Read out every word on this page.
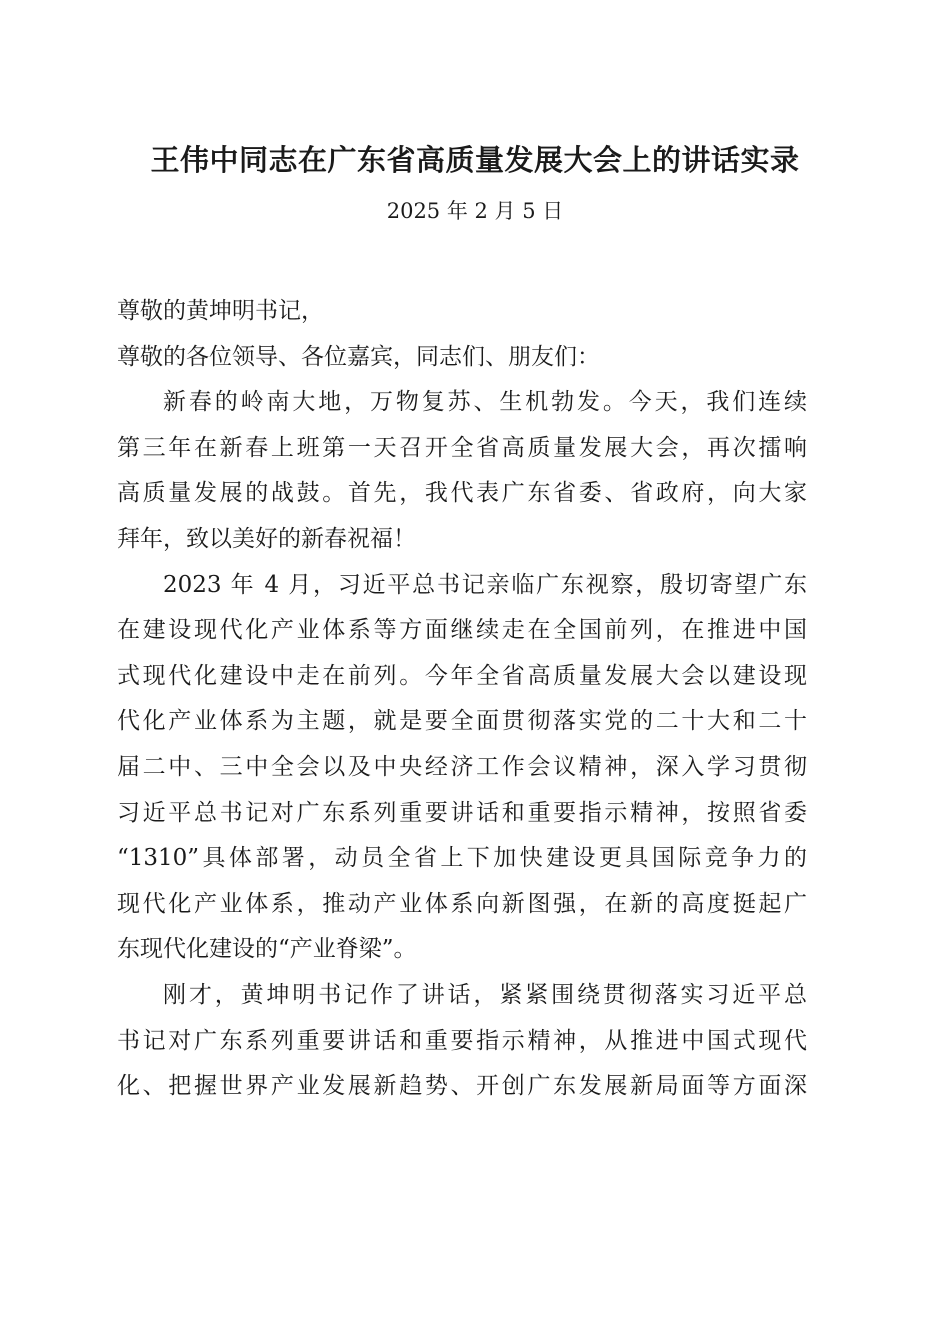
王伟中同志在广东省高质量发展大会上的讲话实录

2025 年 2 月 5 日

尊敬的黄坤明书记，
尊敬的各位领导、各位嘉宾，同志们、朋友们：
新春的岭南大地，万物复苏、生机勃发。今天，我们连续
第三年在新春上班第一天召开全省高质量发展大会，再次擂响
高质量发展的战鼓。首先，我代表广东省委、省政府，向大家
拜年，致以美好的新春祝福！
2023 年 4 月，习近平总书记亲临广东视察，殷切寄望广东
在建设现代化产业体系等方面继续走在全国前列，在推进中国
式现代化建设中走在前列。今年全省高质量发展大会以建设现
代化产业体系为主题，就是要全面贯彻落实党的二十大和二十
届二中、三中全会以及中央经济工作会议精神，深入学习贯彻
习近平总书记对广东系列重要讲话和重要指示精神，按照省委
“1310”具体部署，动员全省上下加快建设更具国际竞争力的
现代化产业体系，推动产业体系向新图强，在新的高度挺起广
东现代化建设的“产业脊梁”。
刚才，黄坤明书记作了讲话，紧紧围绕贯彻落实习近平总
书记对广东系列重要讲话和重要指示精神，从推进中国式现代
化、把握世界产业发展新趋势、开创广东发展新局面等方面深
